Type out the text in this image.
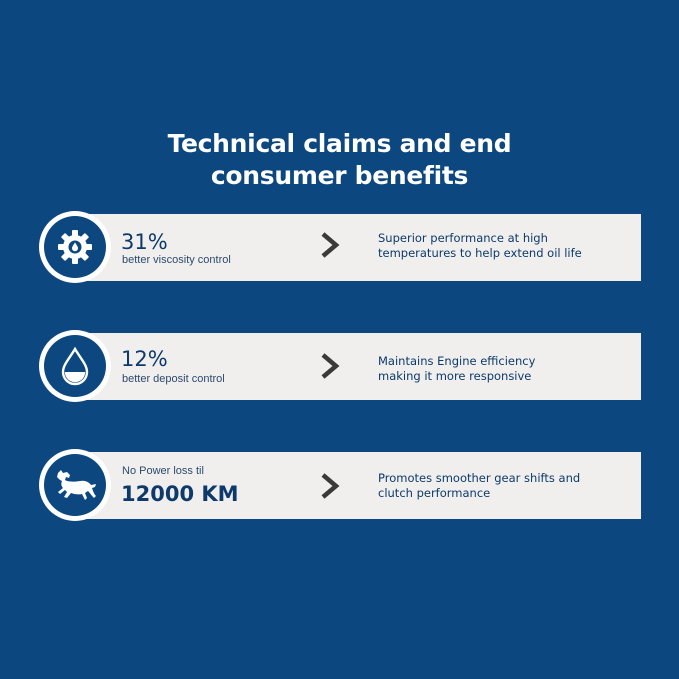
Technical claims and end
consumer benefits
31%
better viscosity control
Superior performance at high
temperatures to help extend oil life
12%
better deposit control
Maintains Engine efficiency
making it more responsive
No Power loss til
12000 KM
Promotes smoother gear shifts and
clutch performance
